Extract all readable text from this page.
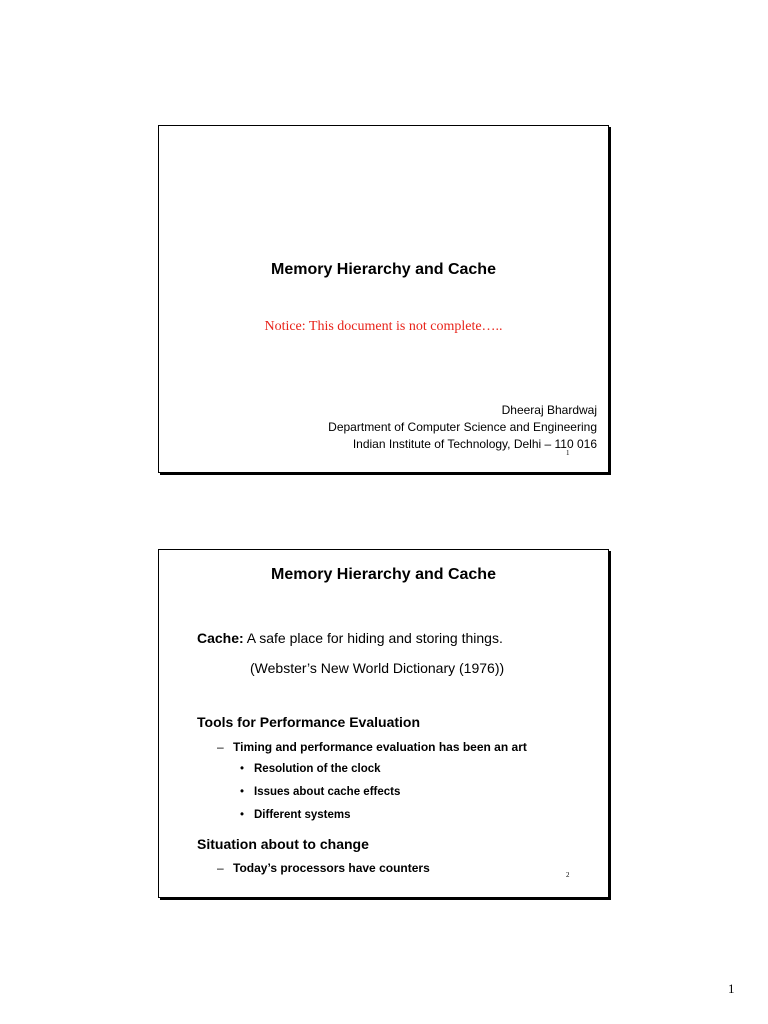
Memory Hierarchy and Cache
Notice: This document is not complete…..
Dheeraj Bhardwaj
Department of Computer Science and Engineering
Indian Institute of Technology, Delhi – 110 016
1
Memory Hierarchy and Cache
Cache: A safe place for hiding and storing things.
(Webster’s New World Dictionary (1976))
Tools for Performance Evaluation
– Timing and performance evaluation has been an art
• Resolution of the clock
• Issues about cache effects
• Different systems
Situation about to change
– Today’s processors have counters	2
1
